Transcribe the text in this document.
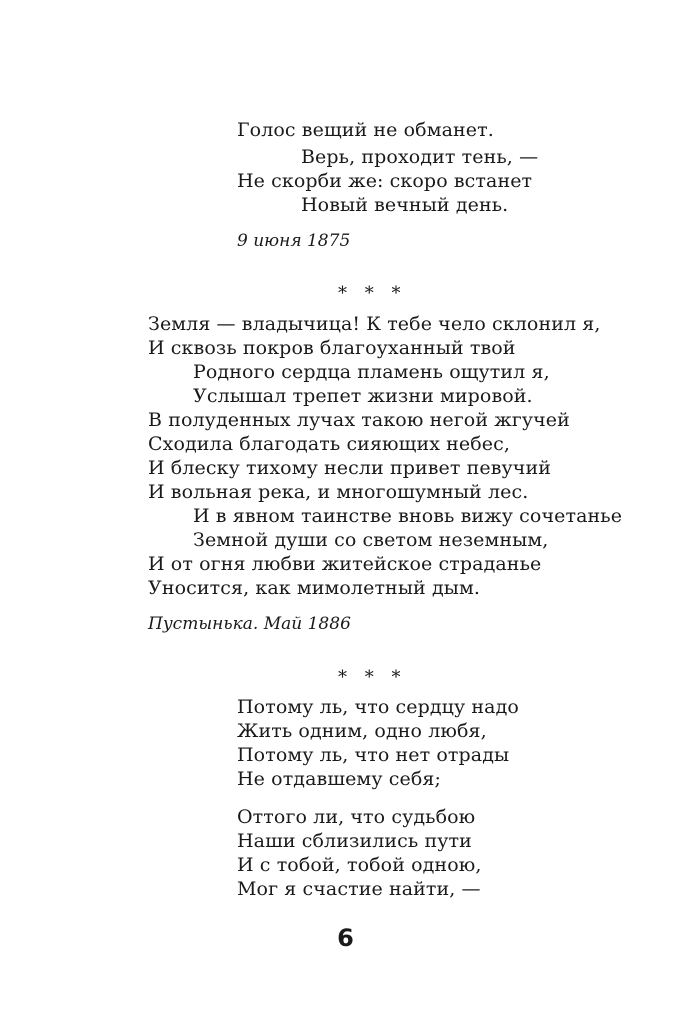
Голос вещий не обманет.
Верь, проходит тень, —
Не скорби же: скоро встанет
Новый вечный день.
9 июня 1875
* * *
Земля — владычица! К тебе чело склонил я,
И сквозь покров благоуханный твой
Родного сердца пламень ощутил я,
Услышал трепет жизни мировой.
В полуденных лучах такою негой жгучей
Сходила благодать сияющих небес,
И блеску тихому несли привет певучий
И вольная река, и многошумный лес.
И в явном таинстве вновь вижу сочетанье
Земной души со светом неземным,
И от огня любви житейское страданье
Уносится, как мимолетный дым.
Пустынька. Май 1886
* * *
Потому ль, что сердцу надо
Жить одним, одно любя,
Потому ль, что нет отрады
Не отдавшему себя;
Оттого ли, что судьбою
Наши сблизились пути
И с тобой, тобой одною,
Мог я счастие найти, —
6
